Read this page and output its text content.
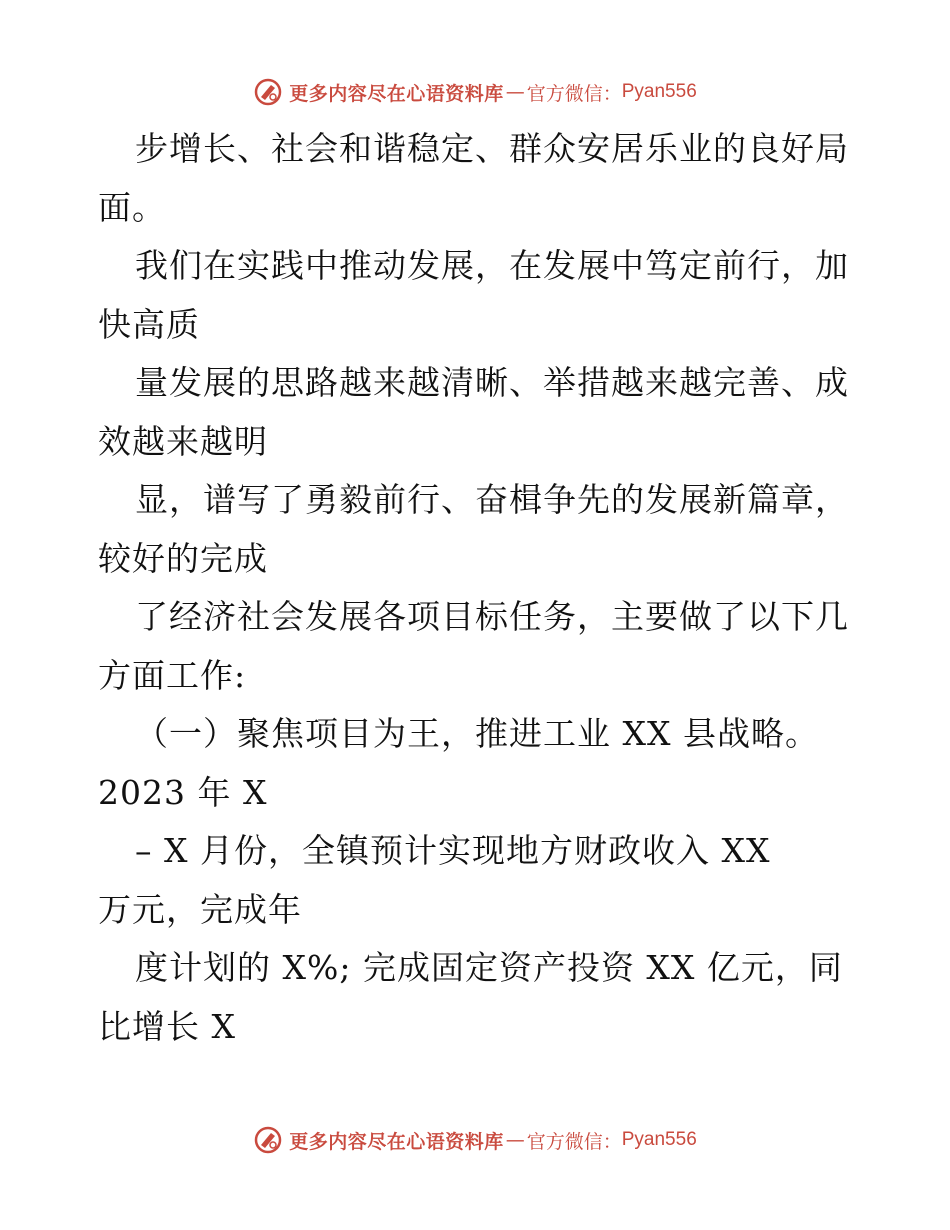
更多内容尽在心语资料库 — 官方微信： Pyan556
步增长、社会和谐稳定、群众安居乐业的良好局
面。
我们在实践中推动发展，在发展中笃定前行，加
快高质
量发展的思路越来越清晰、举措越来越完善、成
效越来越明
显，谱写了勇毅前行、奋楫争先的发展新篇章，
较好的完成
了经济社会发展各项目标任务，主要做了以下几
方面工作:
（一）聚焦项目为王，推进工业 XX 县战略。
2023 年 X
– X 月份，全镇预计实现地方财政收入 XX
万元，完成年
度计划的 X%; 完成固定资产投资 XX 亿元，同
比增长 X
更多内容尽在心语资料库 — 官方微信： Pyan556
